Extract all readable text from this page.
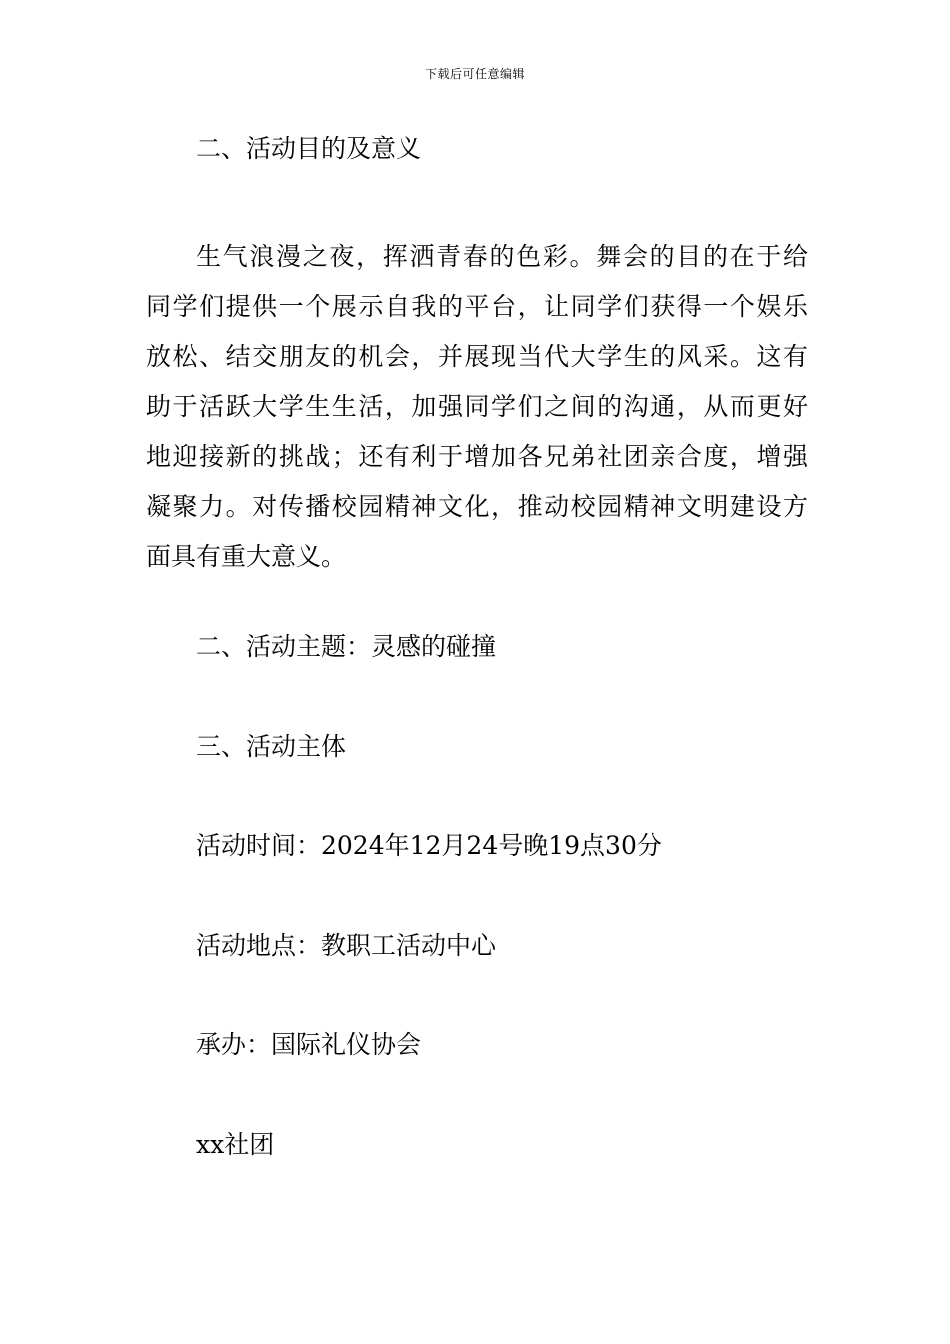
下载后可任意编辑
二、活动目的及意义

生气浪漫之夜，挥洒青春的色彩。舞会的目的在于给

同学们提供一个展示自我的平台，让同学们获得一个娱乐

放松、结交朋友的机会，并展现当代大学生的风采。这有

助于活跃大学生生活，加强同学们之间的沟通，从而更好

地迎接新的挑战；还有利于增加各兄弟社团亲合度，增强

凝聚力。对传播校园精神文化，推动校园精神文明建设方

面具有重大意义。

二、活动主题：灵感的碰撞
三、活动主体
活动时间：2024年12月24号晚19点30分
活动地点：教职工活动中心
承办：国际礼仪协会
xx社团
